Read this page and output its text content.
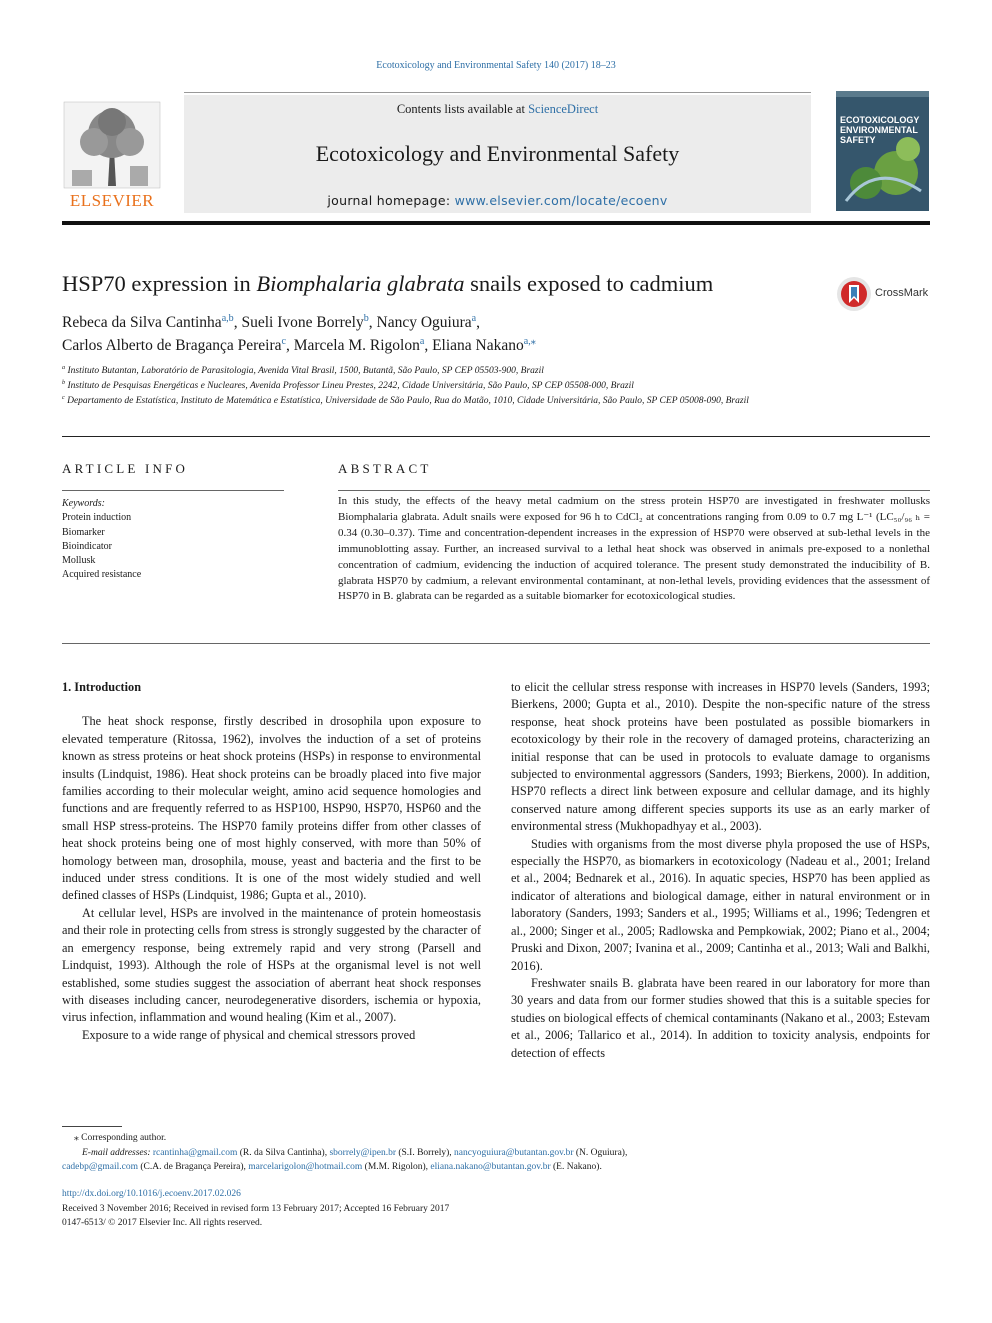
Ecotoxicology and Environmental Safety 140 (2017) 18–23
ELSEVIER
Contents lists available at ScienceDirect
Ecotoxicology and Environmental Safety
journal homepage: www.elsevier.com/locate/ecoenv
ECOTOXICOLOGY ENVIRONMENTAL SAFETY
HSP70 expression in Biomphalaria glabrata snails exposed to cadmium	CrossMark
Rebeca da Silva Cantinha$^{a,b}$, Sueli Ivone Borrely$^b$, Nancy Oguiura$^a$,
Carlos Alberto de Bragança Pereira$^c$, Marcela M. Rigolon$^a$, Eliana Nakano$^{a,⁎}$
$^a$ Instituto Butantan, Laboratório de Parasitologia, Avenida Vital Brasil, 1500, Butantã, São Paulo, SP CEP 05503-900, Brazil
$^b$ Instituto de Pesquisas Energéticas e Nucleares, Avenida Professor Lineu Prestes, 2242, Cidade Universitária, São Paulo, SP CEP 05508-000, Brazil
$^c$ Departamento de Estatística, Instituto de Matemática e Estatística, Universidade de São Paulo, Rua do Matão, 1010, Cidade Universitária, São Paulo, SP CEP 05008-090, Brazil
ARTICLE INFO
Keywords:
Protein induction
Biomarker
Bioindicator
Mollusk
Acquired resistance
ABSTRACT
In this study, the effects of the heavy metal cadmium on the stress protein HSP70 are investigated in freshwater mollusks Biomphalaria glabrata. Adult snails were exposed for 96 h to CdCl₂ at concentrations ranging from 0.09 to 0.7 mg L⁻¹ (LC₅₀/₉₆ ₕ = 0.34 (0.30–0.37). Time and concentration-dependent increases in the expression of HSP70 were observed at sub-lethal levels in the immunoblotting assay. Further, an increased survival to a lethal heat shock was observed in animals pre-exposed to a nonlethal concentration of cadmium, evidencing the induction of acquired tolerance. The present study demonstrated the inducibility of B. glabrata HSP70 by cadmium, a relevant environmental contaminant, at non-lethal levels, providing evidences that the assessment of HSP70 in B. glabrata can be regarded as a suitable biomarker for ecotoxicological studies.
1. Introduction

The heat shock response, firstly described in drosophila upon exposure to elevated temperature (Ritossa, 1962), involves the induction of a set of proteins known as stress proteins or heat shock proteins (HSPs) in response to environmental insults (Lindquist, 1986). Heat shock proteins can be broadly placed into five major families according to their molecular weight, amino acid sequence homologies and functions and are frequently referred to as HSP100, HSP90, HSP70, HSP60 and the small HSP stress-proteins. The HSP70 family proteins differ from other classes of heat shock proteins being one of most highly conserved, with more than 50% of homology between man, drosophila, mouse, yeast and bacteria and the first to be induced under stress conditions. It is one of the most widely studied and well defined classes of HSPs (Lindquist, 1986; Gupta et al., 2010).

At cellular level, HSPs are involved in the maintenance of protein homeostasis and their role in protecting cells from stress is strongly suggested by the character of an emergency response, being extremely rapid and very strong (Parsell and Lindquist, 1993). Although the role of HSPs at the organismal level is not well established, some studies suggest the association of aberrant heat shock responses with diseases including cancer, neurodegenerative disorders, ischemia or hypoxia, virus infection, inflammation and wound healing (Kim et al., 2007).

Exposure to a wide range of physical and chemical stressors proved

to elicit the cellular stress response with increases in HSP70 levels (Sanders, 1993; Bierkens, 2000; Gupta et al., 2010). Despite the non-specific nature of the stress response, heat shock proteins have been postulated as possible biomarkers in ecotoxicology by their role in the recovery of damaged proteins, characterizing an initial response that can be used in protocols to evaluate damage to organisms subjected to environmental aggressors (Sanders, 1993; Bierkens, 2000). In addition, HSP70 reflects a direct link between exposure and cellular damage, and its highly conserved nature among different species supports its use as an early marker of environmental stress (Mukhopadhyay et al., 2003).

Studies with organisms from the most diverse phyla proposed the use of HSPs, especially the HSP70, as biomarkers in ecotoxicology (Nadeau et al., 2001; Ireland et al., 2004; Bednarek et al., 2016). In aquatic species, HSP70 has been applied as indicator of alterations and biological damage, either in natural environment or in laboratory (Sanders, 1993; Sanders et al., 1995; Williams et al., 1996; Tedengren et al., 2000; Singer et al., 2005; Radlowska and Pempkowiak, 2002; Piano et al., 2004; Pruski and Dixon, 2007; Ivanina et al., 2009; Cantinha et al., 2013; Wali and Balkhi, 2016).

Freshwater snails B. glabrata have been reared in our laboratory for more than 30 years and data from our former studies showed that this is a suitable species for studies on biological effects of chemical contaminants (Nakano et al., 2003; Estevam et al., 2006; Tallarico et al., 2014). In addition to toxicity analysis, endpoints for detection of effects

⁎ Corresponding author.
E-mail addresses: rcantinha@gmail.com (R. da Silva Cantinha), sborrely@ipen.br (S.I. Borrely), nancyoguiura@butantan.gov.br (N. Oguiura),
cadebp@gmail.com (C.A. de Bragança Pereira), marcelarigolon@hotmail.com (M.M. Rigolon), eliana.nakano@butantan.gov.br (E. Nakano).
http://dx.doi.org/10.1016/j.ecoenv.2017.02.026
Received 3 November 2016; Received in revised form 13 February 2017; Accepted 16 February 2017
0147-6513/ © 2017 Elsevier Inc. All rights reserved.
